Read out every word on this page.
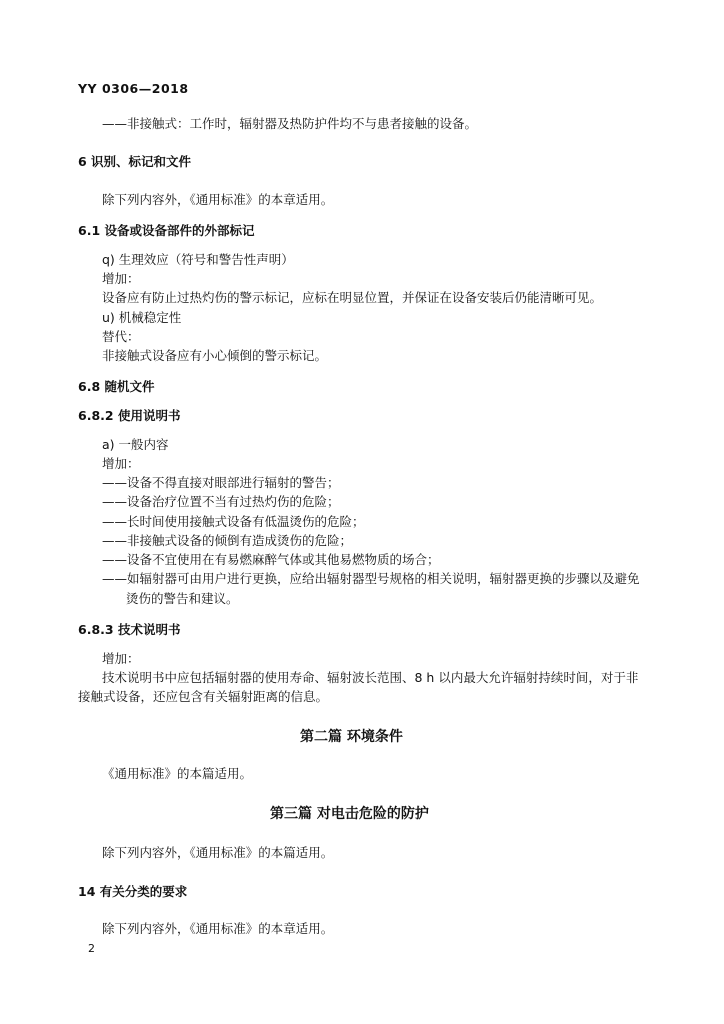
YY 0306—2018
——非接触式：工作时，辐射器及热防护件均不与患者接触的设备。
6 识别、标记和文件
除下列内容外，《通用标准》的本章适用。
6.1 设备或设备部件的外部标记
q) 生理效应（符号和警告性声明）
增加：
设备应有防止过热灼伤的警示标记，应标在明显位置，并保证在设备安装后仍能清晰可见。
u) 机械稳定性
替代：
非接触式设备应有小心倾倒的警示标记。
6.8 随机文件
6.8.2 使用说明书
a) 一般内容
增加：
——设备不得直接对眼部进行辐射的警告；
——设备治疗位置不当有过热灼伤的危险；
——长时间使用接触式设备有低温烫伤的危险；
——非接触式设备的倾倒有造成烫伤的危险；
——设备不宜使用在有易燃麻醉气体或其他易燃物质的场合；
——如辐射器可由用户进行更换，应给出辐射器型号规格的相关说明，辐射器更换的步骤以及避免
烫伤的警告和建议。
6.8.3 技术说明书
增加：
技术说明书中应包括辐射器的使用寿命、辐射波长范围、8 h 以内最大允许辐射持续时间，对于非
接触式设备，还应包含有关辐射距离的信息。
第二篇 环境条件
《通用标准》的本篇适用。
第三篇 对电击危险的防护
除下列内容外，《通用标准》的本篇适用。
14 有关分类的要求
除下列内容外，《通用标准》的本章适用。
2
